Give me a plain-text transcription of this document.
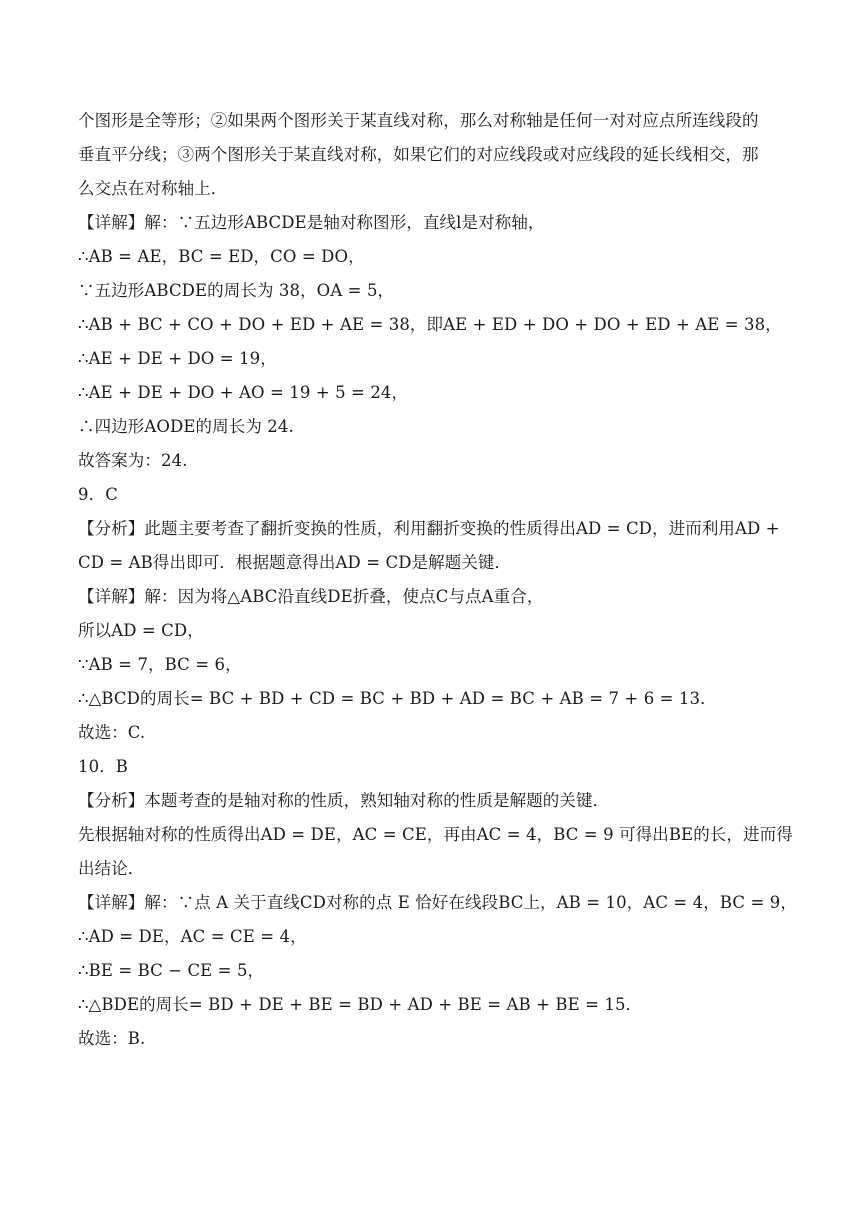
个图形是全等形；②如果两个图形关于某直线对称，那么对称轴是任何一对对应点所连线段的
垂直平分线；③两个图形关于某直线对称，如果它们的对应线段或对应线段的延长线相交，那
么交点在对称轴上．
【详解】解：∵五边形ABCDE是轴对称图形，直线l是对称轴，
∴AB = AE，BC = ED，CO = DO，
∵五边形ABCDE的周长为 38，OA = 5，
∴AB + BC + CO + DO + ED + AE = 38，即AE + ED + DO + DO + ED + AE = 38，
∴AE + DE + DO = 19，
∴AE + DE + DO + AO = 19 + 5 = 24，
∴四边形AODE的周长为 24.
故答案为：24.
9．C
【分析】此题主要考查了翻折变换的性质，利用翻折变换的性质得出AD = CD，进而利用AD +
CD = AB得出即可．根据题意得出AD = CD是解题关键．
【详解】解：因为将△ABC沿直线DE折叠，使点C与点A重合，
所以AD = CD，
∵AB = 7，BC = 6，
∴△BCD的周长= BC + BD + CD = BC + BD + AD = BC + AB = 7 + 6 = 13．
故选：C.
10．B
【分析】本题考查的是轴对称的性质，熟知轴对称的性质是解题的关键．
先根据轴对称的性质得出AD = DE，AC = CE，再由AC = 4，BC = 9 可得出BE的长，进而得
出结论．
【详解】解：∵点 A 关于直线CD对称的点 E 恰好在线段BC上，AB = 10，AC = 4，BC = 9，
∴AD = DE，AC = CE = 4，
∴BE = BC − CE = 5，
∴△BDE的周长= BD + DE + BE = BD + AD + BE = AB + BE = 15．
故选：B.
